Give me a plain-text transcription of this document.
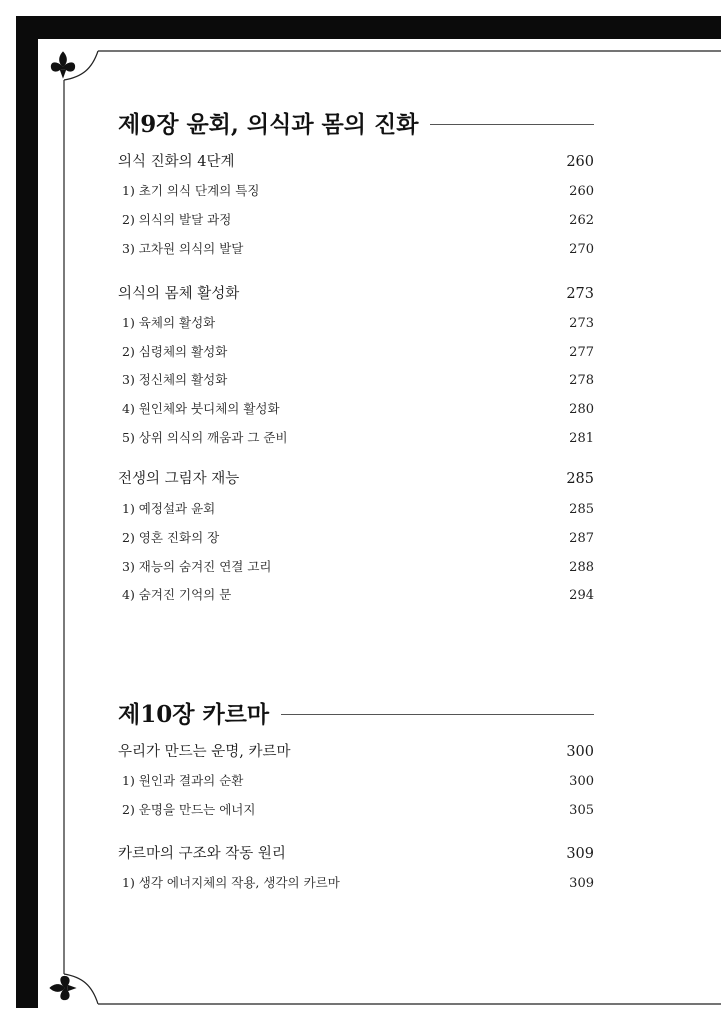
제9장 윤회, 의식과 몸의 진화
의식 진화의 4단계	260
1) 초기 의식 단계의 특징	260
2) 의식의 발달 과정	262
3) 고차원 의식의 발달	270
의식의 몸체 활성화	273
1) 육체의 활성화	273
2) 심령체의 활성화	277
3) 정신체의 활성화	278
4) 원인체와 붓디체의 활성화	280
5) 상위 의식의 깨움과 그 준비	281
전생의 그림자 재능	285
1) 예정설과 윤회	285
2) 영혼 진화의 장	287
3) 재능의 숨겨진 연결 고리	288
4) 숨겨진 기억의 문	294
제10장 카르마
우리가 만드는 운명, 카르마	300
1) 원인과 결과의 순환	300
2) 운명을 만드는 에너지	305
카르마의 구조와 작동 원리	309
1) 생각 에너지체의 작용, 생각의 카르마	309
